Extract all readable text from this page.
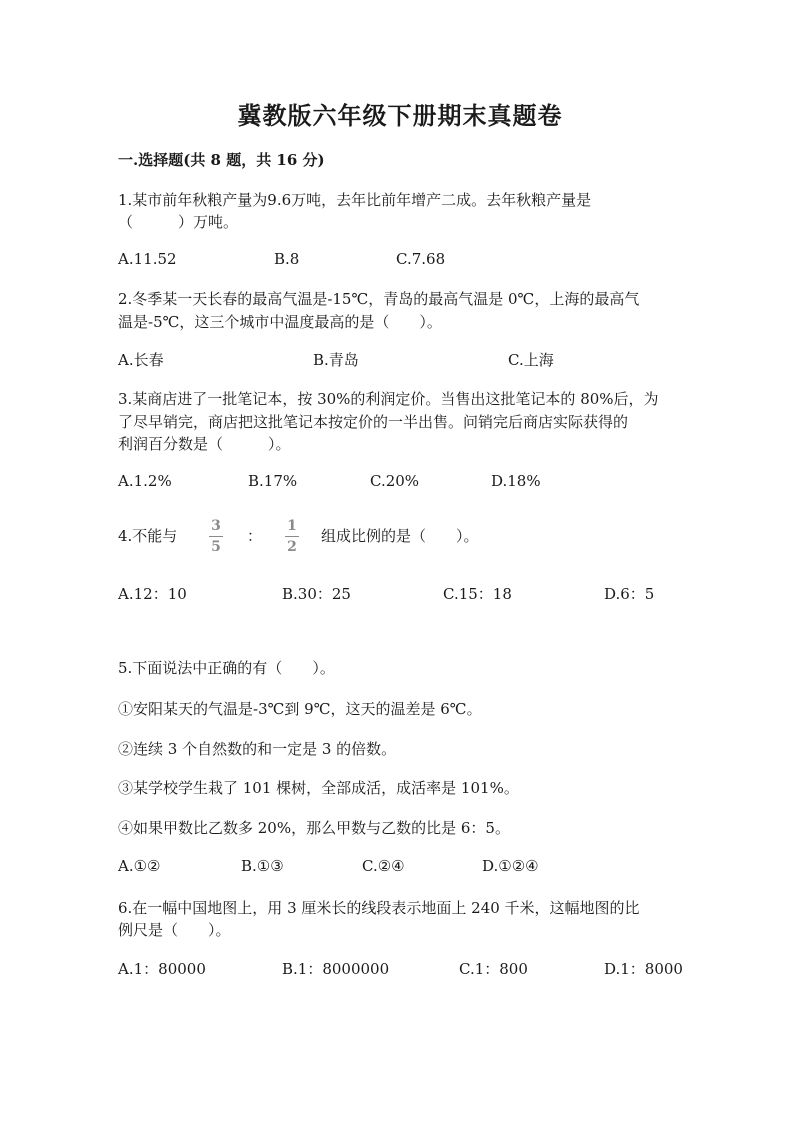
冀教版六年级下册期末真题卷
一.选择题(共 8 题，共 16 分)
1.某市前年秋粮产量为9.6万吨，去年比前年增产二成。去年秋粮产量是
（　　　）万吨。
A.11.52	B.8	C.7.68
2.冬季某一天长春的最高气温是-15℃，青岛的最高气温是 0℃，上海的最高气
温是-5℃，这三个城市中温度最高的是（　　）。
A.长春	B.青岛	C.上海
3.某商店进了一批笔记本，按 30%的利润定价。当售出这批笔记本的 80%后，为
了尽早销完，商店把这批笔记本按定价的一半出售。问销完后商店实际获得的
利润百分数是（　　　）。
A.1.2%	B.17%	C.20%	D.18%
4.不能与 $\frac{3}{5}$ ： $\frac{1}{2}$ 组成比例的是（　　）。
A.12：10	B.30：25	C.15：18	D.6：5
5.下面说法中正确的有（　　）。
①安阳某天的气温是-3℃到 9℃，这天的温差是 6℃。
②连续 3 个自然数的和一定是 3 的倍数。
③某学校学生栽了 101 棵树，全部成活，成活率是 101%。
④如果甲数比乙数多 20%，那么甲数与乙数的比是 6：5。
A.①②	B.①③	C.②④	D.①②④
6.在一幅中国地图上，用 3 厘米长的线段表示地面上 240 千米，这幅地图的比
例尺是（　　）。
A.1：80000	B.1：8000000	C.1：800	D.1：8000
